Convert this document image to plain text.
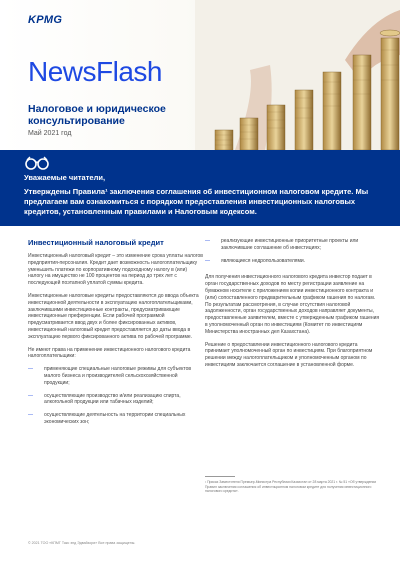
KPMG
NewsFlash
Налоговое и юридическое консультирование
Май 2021 год
Уважаемые читатели,
Утверждены Правила¹ заключения соглашения об инвестиционном налоговом кредите. Мы предлагаем вам ознакомиться с порядком предоставления инвестиционных налоговых кредитов, установленным правилами и Налоговым кодексом.
Инвестиционный налоговый кредит
Инвестиционный налоговый кредит – это изменение срока уплаты налогов предприятия-персоналия. Кредит дает возможность налогоплательщику уменьшить платежи по корпоративному подоходному налогу в (или) налогу на имущество не 100 процентов на период до трех лет с последующей поэтапной уплатой суммы кредита.
Инвестиционные налоговые кредиты предоставляются до ввода объекта инвестиционной деятельности в эксплуатацию налогоплательщиками, заключившими инвестиционные контракты, предусматривающие инвестиционные преференции. Если рабочей программой предусматривается ввод двух и более фиксированных активов, инвестиционный налоговый кредит предоставляется до даты ввода в эксплуатацию первого фиксированного актива по рабочей программе.
Не имеют права на применение инвестиционного налогового кредита налогоплательщики:
— применяющие специальные налоговые режимы для субъектов малого бизнеса и производителей сельскохозяйственной продукции;
— осуществляющие производство и/или реализацию спирта, алкогольной продукции или табачных изделий;
— осуществляющие деятельность на территории специальных экономических зон;
— реализующие инвестиционные приоритетные проекты или заключившие соглашение об инвестициях;
— являющиеся недропользователями.
Для получения инвестиционного налогового кредита инвестор подает в орган государственных доходов по месту регистрации заявление на бумажном носителе с приложением копии инвестиционного контракта и (или) сопоставленного предварительным графиком гашения по налогам. По результатам рассмотрения, в случае отсутствия налоговой задолженности, орган государственных доходов направляет документы, предоставленные заявителем, вместе с утвержденным графиком гашения в уполномоченный орган по инвестициям (Комитет по инвестициям Министерства иностранных дел Казахстана).
Решение о предоставлении инвестиционного налогового кредита принимает уполномоченный орган по инвестициям. При благоприятном решении между налогоплательщиком и уполномоченным органом по инвестициям заключается соглашение в установленной форме.
¹ Приказ Заместителя Премьер-Министра Республики Казахстан от 28 марта 2021 г. № 51 «Об утверждении Правил заключения соглашения об инвестиционном налоговом кредите для получения инвестиционного налогового кредита».
© 2021 ТОО «КПМГ Такс энд Эдвайзори» Все права защищены.
